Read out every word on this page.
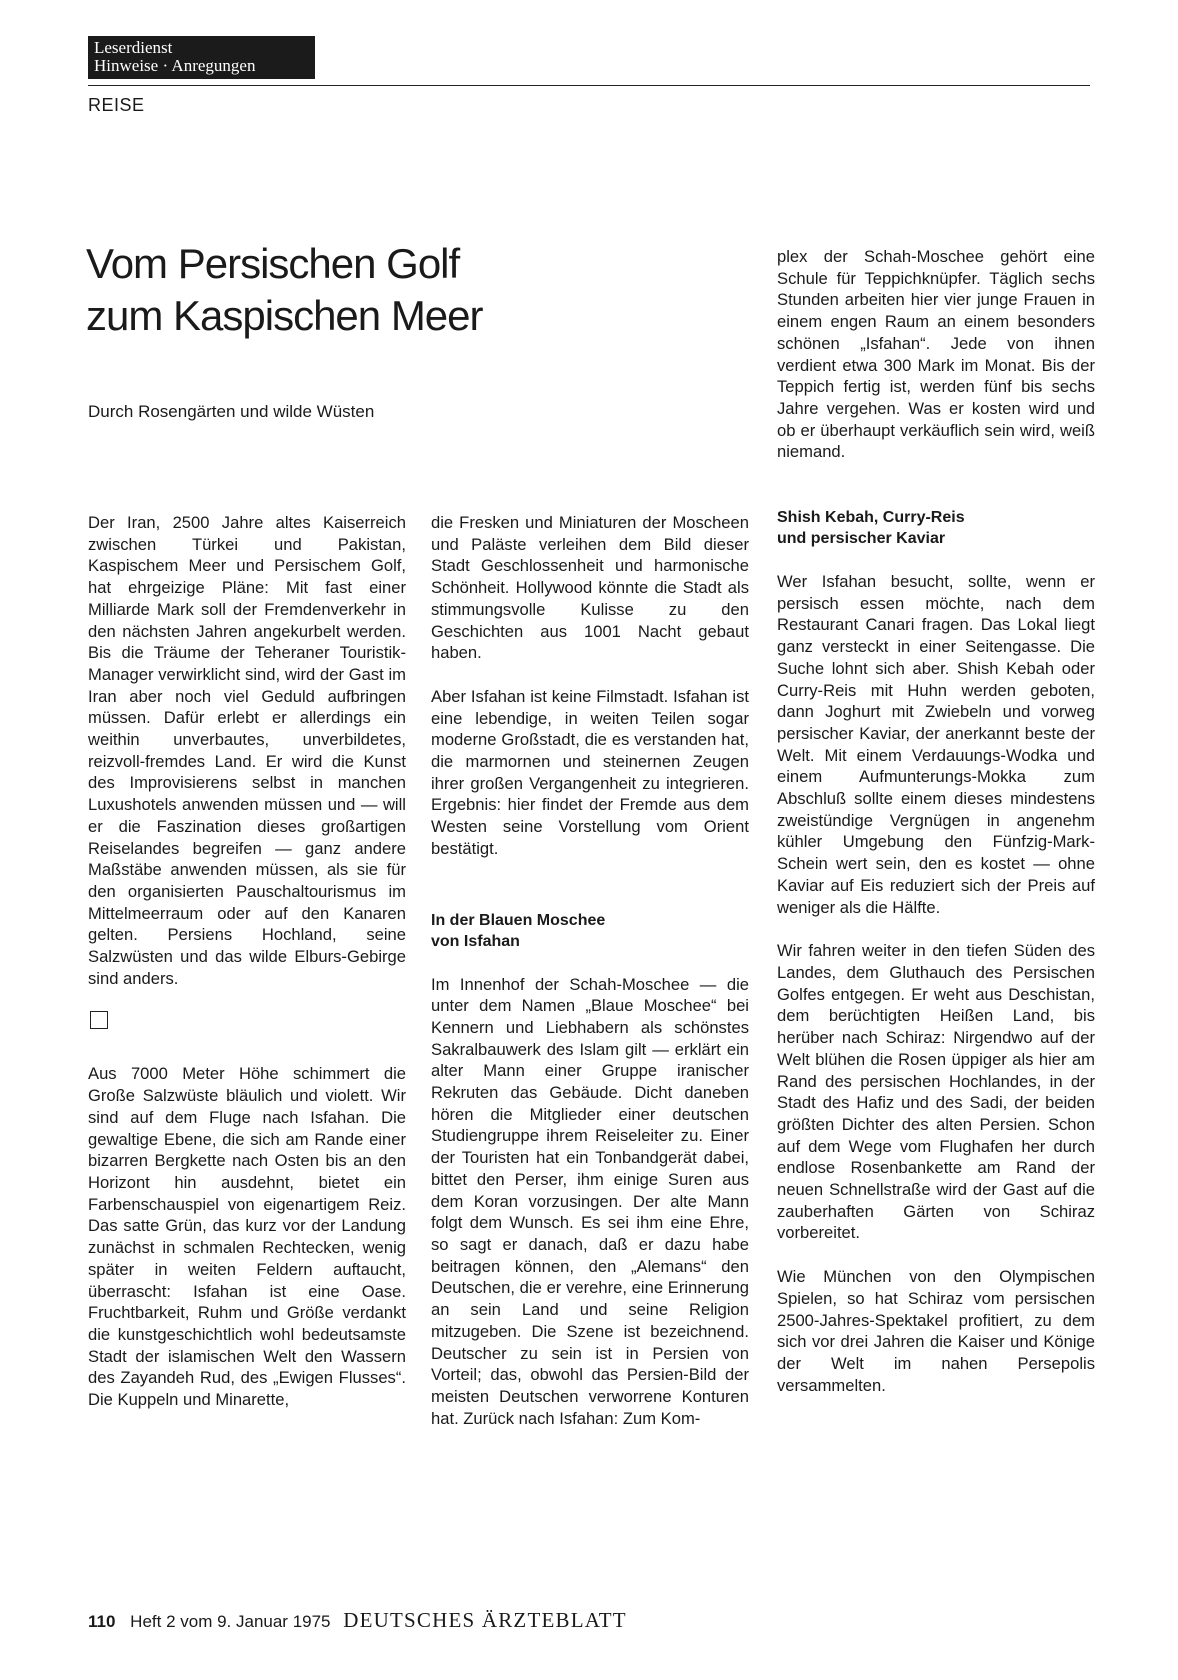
Leserdienst
Hinweise · Anregungen
REISE
Vom Persischen Golf
zum Kaspischen Meer
Durch Rosengärten und wilde Wüsten

Der Iran, 2500 Jahre altes Kaiserreich zwischen Türkei und Pakistan, Kaspischem Meer und Persischem Golf, hat ehrgeizige Pläne: Mit fast einer Milliarde Mark soll der Fremdenverkehr in den nächsten Jahren angekurbelt werden. Bis die Träume der Teheraner Touristik-Manager verwirklicht sind, wird der Gast im Iran aber noch viel Geduld aufbringen müssen. Dafür erlebt er allerdings ein weithin unverbautes, unverbildetes, reizvoll-fremdes Land. Er wird die Kunst des Improvisierens selbst in manchen Luxushotels anwenden müssen und — will er die Faszination dieses großartigen Reiselandes begreifen — ganz andere Maßstäbe anwenden müssen, als sie für den organisierten Pauschaltourismus im Mittelmeerraum oder auf den Kanaren gelten. Persiens Hochland, seine Salzwüsten und das wilde Elburs-Gebirge sind anders.

Aus 7000 Meter Höhe schimmert die Große Salzwüste bläulich und violett. Wir sind auf dem Fluge nach Isfahan. Die gewaltige Ebene, die sich am Rande einer bizarren Bergkette nach Osten bis an den Horizont hin ausdehnt, bietet ein Farbenschauspiel von eigenartigem Reiz. Das satte Grün, das kurz vor der Landung zunächst in schmalen Rechtecken, wenig später in weiten Feldern auftaucht, überrascht: Isfahan ist eine Oase. Fruchtbarkeit, Ruhm und Größe verdankt die kunstgeschichtlich wohl bedeutsamste Stadt der islamischen Welt den Wassern des Zayandeh Rud, des „Ewigen Flusses“. Die Kuppeln und Minarette,

die Fresken und Miniaturen der Moscheen und Paläste verleihen dem Bild dieser Stadt Geschlossenheit und harmonische Schönheit. Hollywood könnte die Stadt als stimmungsvolle Kulisse zu den Geschichten aus 1001 Nacht gebaut haben.

Aber Isfahan ist keine Filmstadt. Isfahan ist eine lebendige, in weiten Teilen sogar moderne Großstadt, die es verstanden hat, die marmornen und steinernen Zeugen ihrer großen Vergangenheit zu integrieren. Ergebnis: hier findet der Fremde aus dem Westen seine Vorstellung vom Orient bestätigt.

In der Blauen Moschee
von Isfahan

Im Innenhof der Schah-Moschee — die unter dem Namen „Blaue Moschee“ bei Kennern und Liebhabern als schönstes Sakralbauwerk des Islam gilt — erklärt ein alter Mann einer Gruppe iranischer Rekruten das Gebäude. Dicht daneben hören die Mitglieder einer deutschen Studiengruppe ihrem Reiseleiter zu. Einer der Touristen hat ein Tonbandgerät dabei, bittet den Perser, ihm einige Suren aus dem Koran vorzusingen. Der alte Mann folgt dem Wunsch. Es sei ihm eine Ehre, so sagt er danach, daß er dazu habe beitragen können, den „Alemans“ den Deutschen, die er verehre, eine Erinnerung an sein Land und seine Religion mitzugeben. Die Szene ist bezeichnend. Deutscher zu sein ist in Persien von Vorteil; das, obwohl das Persien-Bild der meisten Deutschen verworrene Konturen hat. Zurück nach Isfahan: Zum Kom-

plex der Schah-Moschee gehört eine Schule für Teppichknüpfer. Täglich sechs Stunden arbeiten hier vier junge Frauen in einem engen Raum an einem besonders schönen „Isfahan“. Jede von ihnen verdient etwa 300 Mark im Monat. Bis der Teppich fertig ist, werden fünf bis sechs Jahre vergehen. Was er kosten wird und ob er überhaupt verkäuflich sein wird, weiß niemand.

Shish Kebah, Curry-Reis
und persischer Kaviar

Wer Isfahan besucht, sollte, wenn er persisch essen möchte, nach dem Restaurant Canari fragen. Das Lokal liegt ganz versteckt in einer Seitengasse. Die Suche lohnt sich aber. Shish Kebah oder Curry-Reis mit Huhn werden geboten, dann Joghurt mit Zwiebeln und vorweg persischer Kaviar, der anerkannt beste der Welt. Mit einem Verdauungs-Wodka und einem Aufmunterungs-Mokka zum Abschluß sollte einem dieses mindestens zweistündige Vergnügen in angenehm kühler Umgebung den Fünfzig-Mark-Schein wert sein, den es kostet — ohne Kaviar auf Eis reduziert sich der Preis auf weniger als die Hälfte.

Wir fahren weiter in den tiefen Süden des Landes, dem Gluthauch des Persischen Golfes entgegen. Er weht aus Deschistan, dem berüchtigten Heißen Land, bis herüber nach Schiraz: Nirgendwo auf der Welt blühen die Rosen üppiger als hier am Rand des persischen Hochlandes, in der Stadt des Hafiz und des Sadi, der beiden größten Dichter des alten Persien. Schon auf dem Wege vom Flughafen her durch endlose Rosenbankette am Rand der neuen Schnellstraße wird der Gast auf die zauberhaften Gärten von Schiraz vorbereitet.

Wie München von den Olympischen Spielen, so hat Schiraz vom persischen 2500-Jahres-Spektakel profitiert, zu dem sich vor drei Jahren die Kaiser und Könige der Welt im nahen Persepolis versammelten.

110 Heft 2 vom 9. Januar 1975 DEUTSCHES ÄRZTEBLATT
